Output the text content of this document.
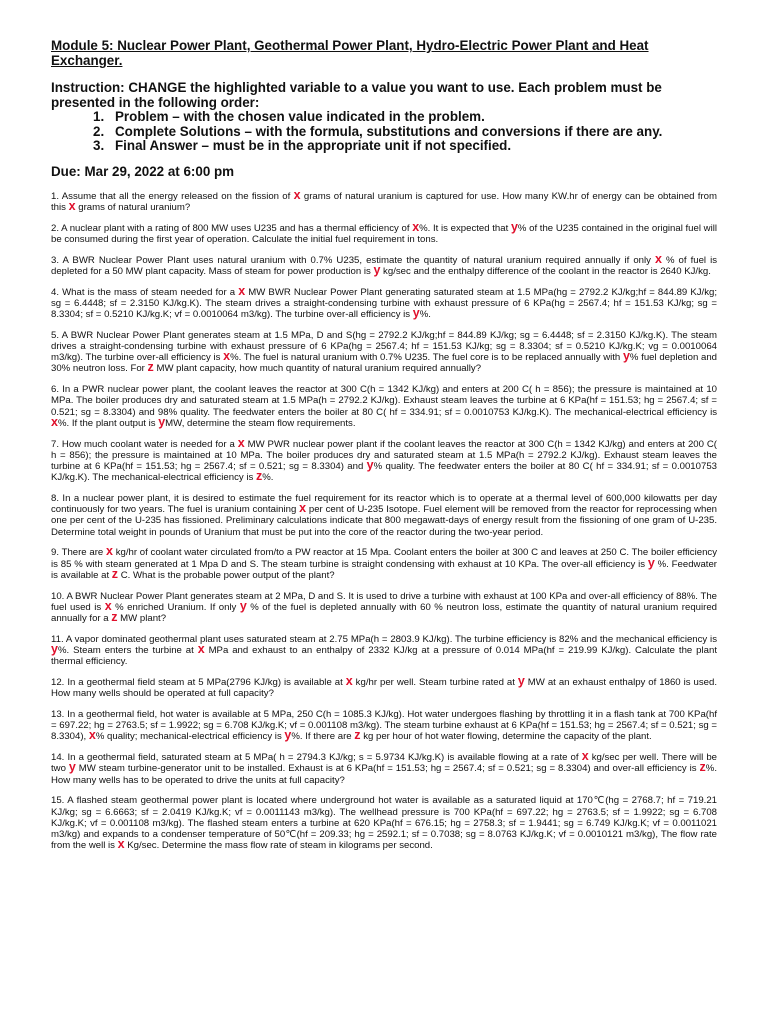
Module 5: Nuclear Power Plant, Geothermal Power Plant, Hydro-Electric Power Plant and Heat Exchanger.
Instruction: CHANGE the highlighted variable to a value you want to use. Each problem must be presented in the following order:
1. Problem – with the chosen value indicated in the problem.
2. Complete Solutions – with the formula, substitutions and conversions if there are any.
3. Final Answer – must be in the appropriate unit if not specified.
Due: Mar 29, 2022 at 6:00 pm

1. Assume that all the energy released on the fission of x grams of natural uranium is captured for use. How many KW.hr of energy can be obtained from this x grams of natural uranium?

2. A nuclear plant with a rating of 800 MW uses U235 and has a thermal efficiency of x%. It is expected that y% of the U235 contained in the original fuel will be consumed during the first year of operation. Calculate the initial fuel requirement in tons.

3. A BWR Nuclear Power Plant uses natural uranium with 0.7% U235, estimate the quantity of natural uranium required annually if only x % of fuel is depleted for a 50 MW plant capacity. Mass of steam for power production is y kg/sec and the enthalpy difference of the coolant in the reactor is 2640 KJ/kg.

4. What is the mass of steam needed for a x MW BWR Nuclear Power Plant generating saturated steam at 1.5 MPa(hg = 2792.2 KJ/kg;hf = 844.89 KJ/kg; sg = 6.4448; sf = 2.3150 KJ/kg.K). The steam drives a straight-condensing turbine with exhaust pressure of 6 KPa(hg = 2567.4; hf = 151.53 KJ/kg; sg = 8.3304; sf = 0.5210 KJ/kg.K; vf = 0.0010064 m3/kg). The turbine over-all efficiency is y%.

5. A BWR Nuclear Power Plant generates steam at 1.5 MPa, D and S(hg = 2792.2 KJ/kg;hf = 844.89 KJ/kg; sg = 6.4448; sf = 2.3150 KJ/kg.K). The steam drives a straight-condensing turbine with exhaust pressure of 6 KPa(hg = 2567.4; hf = 151.53 KJ/kg; sg = 8.3304; sf = 0.5210 KJ/kg.K; vg = 0.0010064 m3/kg). The turbine over-all efficiency is x%. The fuel is natural uranium with 0.7% U235. The fuel core is to be replaced annually with y% fuel depletion and 30% neutron loss. For z MW plant capacity, how much quantity of natural uranium required annually?

6. In a PWR nuclear power plant, the coolant leaves the reactor at 300 C(h = 1342 KJ/kg) and enters at 200 C( h = 856); the pressure is maintained at 10 MPa. The boiler produces dry and saturated steam at 1.5 MPa(h = 2792.2 KJ/kg). Exhaust steam leaves the turbine at 6 KPa(hf = 151.53; hg = 2567.4; sf = 0.521; sg = 8.3304) and 98% quality. The feedwater enters the boiler at 80 C( hf = 334.91; sf = 0.0010753 KJ/kg.K). The mechanical-electrical efficiency is x%. If the plant output is yMW, determine the steam flow requirements.

7. How much coolant water is needed for a x MW PWR nuclear power plant if the coolant leaves the reactor at 300 C(h = 1342 KJ/kg) and enters at 200 C( h = 856); the pressure is maintained at 10 MPa. The boiler produces dry and saturated steam at 1.5 MPa(h = 2792.2 KJ/kg). Exhaust steam leaves the turbine at 6 KPa(hf = 151.53; hg = 2567.4; sf = 0.521; sg = 8.3304) and y% quality. The feedwater enters the boiler at 80 C( hf = 334.91; sf = 0.0010753 KJ/kg.K). The mechanical-electrical efficiency is z%.

8. In a nuclear power plant, it is desired to estimate the fuel requirement for its reactor which is to operate at a thermal level of 600,000 kilowatts per day continuously for two years. The fuel is uranium containing x per cent of U-235 Isotope. Fuel element will be removed from the reactor for reprocessing when one per cent of the U-235 has fissioned. Preliminary calculations indicate that 800 megawatt-days of energy result from the fissioning of one gram of U-235. Determine total weight in pounds of Uranium that must be put into the core of the reactor during the two-year period.

9. There are x kg/hr of coolant water circulated from/to a PW reactor at 15 Mpa. Coolant enters the boiler at 300 C and leaves at 250 C. The boiler efficiency is 85 % with steam generated at 1 Mpa D and S. The steam turbine is straight condensing with exhaust at 10 KPa. The over-all efficiency is y %. Feedwater is available at z C. What is the probable power output of the plant?

10. A BWR Nuclear Power Plant generates steam at 2 MPa, D and S. It is used to drive a turbine with exhaust at 100 KPa and over-all efficiency of 88%. The fuel used is x % enriched Uranium. If only y % of the fuel is depleted annually with 60 % neutron loss, estimate the quantity of natural uranium required annually for a z MW plant?

11. A vapor dominated geothermal plant uses saturated steam at 2.75 MPa(h = 2803.9 KJ/kg). The turbine efficiency is 82% and the mechanical efficiency is y%. Steam enters the turbine at x MPa and exhaust to an enthalpy of 2332 KJ/kg at a pressure of 0.014 MPa(hf = 219.99 KJ/kg). Calculate the plant thermal efficiency.

12. In a geothermal field steam at 5 MPa(2796 KJ/kg) is available at x kg/hr per well. Steam turbine rated at y MW at an exhaust enthalpy of 1860 is used. How many wells should be operated at full capacity?

13. In a geothermal field, hot water is available at 5 MPa, 250 C(h = 1085.3 KJ/kg). Hot water undergoes flashing by throttling it in a flash tank at 700 KPa(hf = 697.22; hg = 2763.5; sf = 1.9922; sg = 6.708 KJ/kg.K; vf = 0.001108 m3/kg). The steam turbine exhaust at 6 KPa(hf = 151.53; hg = 2567.4; sf = 0.521; sg = 8.3304), x% quality; mechanical-electrical efficiency is y%. If there are z kg per hour of hot water flowing, determine the capacity of the plant.

14. In a geothermal field, saturated steam at 5 MPa( h = 2794.3 KJ/kg; s = 5.9734 KJ/kg.K) is available flowing at a rate of x kg/sec per well. There will be two y MW steam turbine-generator unit to be installed. Exhaust is at 6 KPa(hf = 151.53; hg = 2567.4; sf = 0.521; sg = 8.3304) and over-all efficiency is z%. How many wells has to be operated to drive the units at full capacity?

15. A flashed steam geothermal power plant is located where underground hot water is available as a saturated liquid at 170℃(hg = 2768.7; hf = 719.21 KJ/kg; sg = 6.6663; sf = 2.0419 KJ/kg.K; vf = 0.0011143 m3/kg). The wellhead pressure is 700 KPa(hf = 697.22; hg = 2763.5; sf = 1.9922; sg = 6.708 KJ/kg.K; vf = 0.001108 m3/kg). The flashed steam enters a turbine at 620 KPa(hf = 676.15; hg = 2758.3; sf = 1.9441; sg = 6.749 KJ/kg.K; vf = 0.0011021 m3/kg) and expands to a condenser temperature of 50℃(hf = 209.33; hg = 2592.1; sf = 0.7038; sg = 8.0763 KJ/kg.K; vf = 0.0010121 m3/kg), The flow rate from the well is x Kg/sec. Determine the mass flow rate of steam in kilograms per second.
